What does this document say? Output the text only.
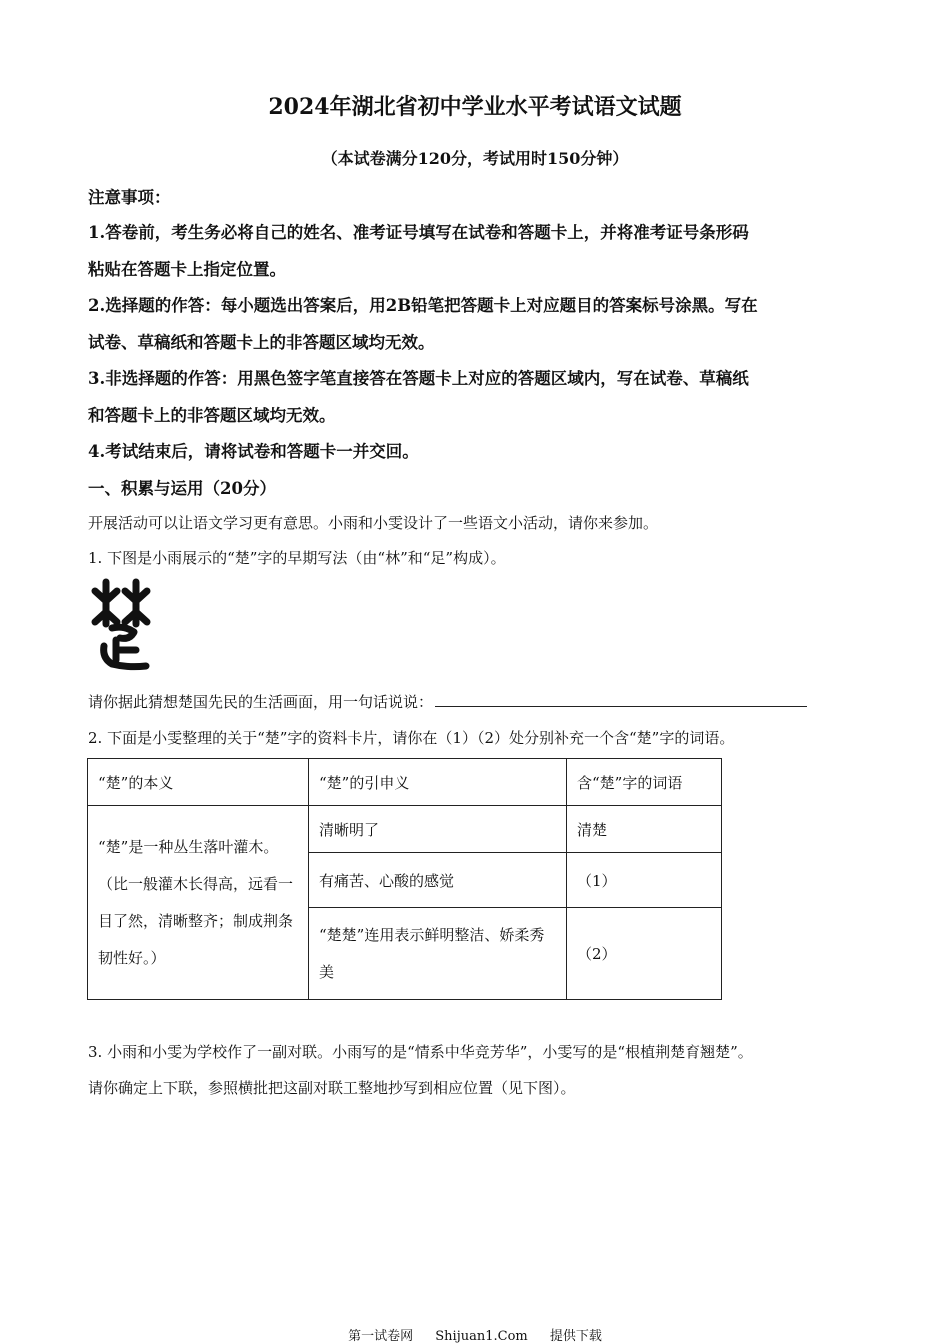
2024年湖北省初中学业水平考试语文试题
（本试卷满分120分，考试用时150分钟）
注意事项：
1.答卷前，考生务必将自己的姓名、准考证号填写在试卷和答题卡上，并将准考证号条形码
粘贴在答题卡上指定位置。
2.选择题的作答：每小题选出答案后，用2B铅笔把答题卡上对应题目的答案标号涂黑。写在
试卷、草稿纸和答题卡上的非答题区域均无效。
3.非选择题的作答：用黑色签字笔直接答在答题卡上对应的答题区域内，写在试卷、草稿纸
和答题卡上的非答题区域均无效。
4.考试结束后，请将试卷和答题卡一并交回。
一、积累与运用（20分）
开展活动可以让语文学习更有意思。小雨和小雯设计了一些语文小活动，请你来参加。
1. 下图是小雨展示的“楚”字的早期写法（由“林”和“足”构成）。
请你据此猜想楚国先民的生活画面，用一句话说说：
2. 下面是小雯整理的关于“楚”字的资料卡片，请你在（1）（2）处分别补充一个含“楚”字的词语。
“楚”的本义	“楚”的引申义	含“楚”字的词语
“楚”是一种丛生落叶灌木。（比一般灌木长得高，远看一目了然，清晰整齐；制成荆条韧性好。）	清晰明了	清楚
	有痛苦、心酸的感觉	（1）
	“楚楚”连用表示鲜明整洁、娇柔秀美	（2）
3. 小雨和小雯为学校作了一副对联。小雨写的是“情系中华竞芳华”，小雯写的是“根植荆楚育翘楚”。
请你确定上下联，参照横批把这副对联工整地抄写到相应位置（见下图）。
第一试卷网 Shijuan1.Com 提供下载
